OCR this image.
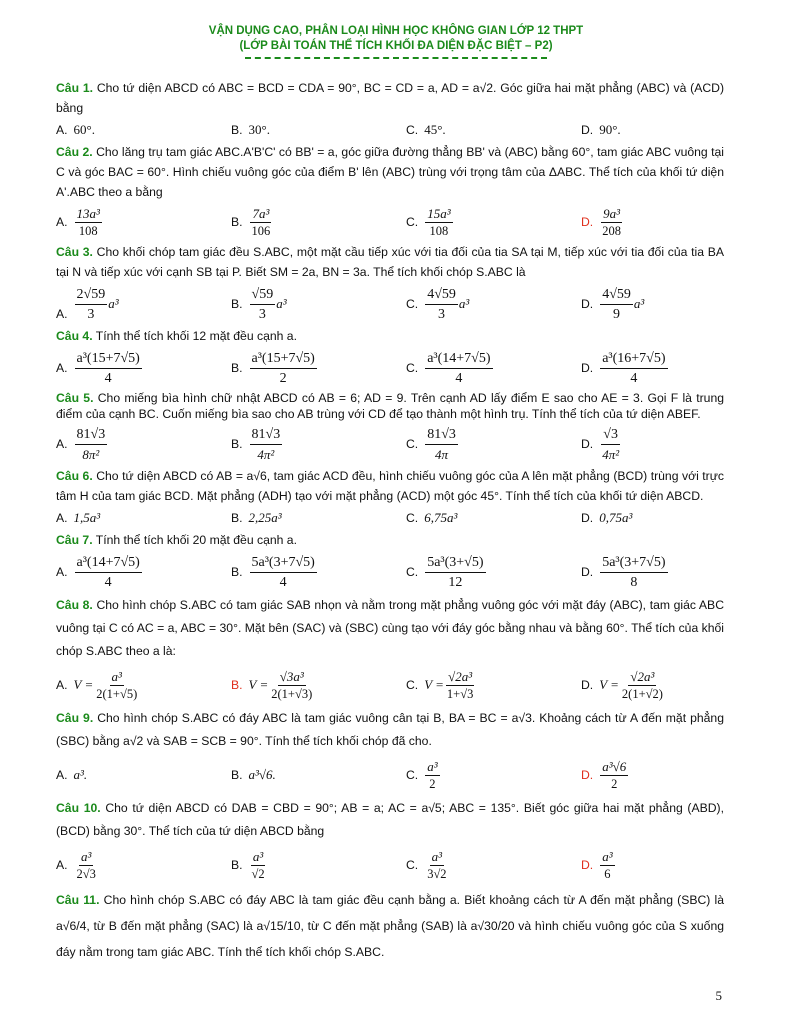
VẬN DỤNG CAO, PHÂN LOẠI HÌNH HỌC KHÔNG GIAN LỚP 12 THPT
(LỚP BÀI TOÁN THỂ TÍCH KHỐI ĐA DIỆN ĐẶC BIỆT – P2)
Câu 1. Cho tứ diện ABCD có ABC = BCD = CDA = 90°, BC = CD = a, AD = a√2. Góc giữa hai mặt phẳng (ABC) và (ACD) bằng
A. 60°.	B. 30°.	C. 45°.	D. 90°.
Câu 2. Cho lăng trụ tam giác ABC.A'B'C' có BB' = a, góc giữa đường thẳng BB' và (ABC) bằng 60°, tam giác ABC vuông tại C và góc BAC = 60°. Hình chiếu vuông góc của điểm B' lên (ABC) trùng với trọng tâm của ΔABC. Thể tích của khối tứ diện A'.ABC theo a bằng
A. $\frac{\text{13a³}}{108}$	B. $\frac{\text{7a³}}{106}$	C. $\frac{\text{15a³}}{108}$	D. $\frac{\text{9a³}}{208}$
Câu 3. Cho khối chóp tam giác đều S.ABC, một mặt cầu tiếp xúc với tia đối của tia SA tại M, tiếp xúc với tia đối của tia BA tại N và tiếp xúc với cạnh SB tại P. Biết SM = 2a, BN = 3a. Thể tích khối chóp S.ABC là
A. $\frac{2√59}{3} a^3$	B. $\frac{√59}{3} a^3$	C. $\frac{4√59}{3} a^3$	D. $\frac{4√59}{9} a^3$
Câu 4. Tính thể tích khối 12 mặt đều cạnh a.
A. $\frac{\text{a³(15+7√5)}}{4}$	B. $\frac{\text{a³(15+7√5)}}{2}$	C. $\frac{\text{a³(14+7√5)}}{4}$	D. $\frac{\text{a³(16+7√5)}}{4}$
Câu 5. Cho miếng bìa hình chữ nhật ABCD có AB = 6; AD = 9. Trên cạnh AD lấy điểm E sao cho AE = 3. Gọi F là trung điểm của cạnh BC. Cuốn miếng bìa sao cho AB trùng với CD để tạo thành một hình trụ. Tính thể tích của tứ diện ABEF.
A. $\frac{81√3}{\text{8π²}}$	B. $\frac{81√3}{\text{4π²}}$	C. $\frac{81√3}{4\pi}$	D. $\frac{√3}{\text{4π²}}$
Câu 6. Cho tứ diện ABCD có AB = a√6, tam giác ACD đều, hình chiếu vuông góc của A lên mặt phẳng (BCD) trùng với trực tâm H của tam giác BCD. Mặt phẳng (ADH) tạo với mặt phẳng (ACD) một góc 45°. Tính thể tích của khối tứ diện ABCD.
A. 1,5a³	B. 2,25a³	C. 6,75a³	D. 0,75a³
Câu 7. Tính thể tích khối 20 mặt đều cạnh a.
A. $\frac{\text{a³(14+7√5)}}{4}$	B. $\frac{\text{5a³(3+7√5)}}{4}$	C. $\frac{\text{5a³(3+√5)}}{12}$	D. $\frac{\text{5a³(3+7√5)}}{8}$
Câu 8. Cho hình chóp S.ABC có tam giác SAB nhọn và nằm trong mặt phẳng vuông góc với mặt đáy (ABC), tam giác ABC vuông tại C có AC = a, ABC = 30°. Mặt bên (SAC) và (SBC) cùng tạo với đáy góc bằng nhau và bằng 60°. Thể tích của khối chóp S.ABC theo a là:
A. $V = \frac{\text{a³}}{2(1+√5)}$	B. $V = \frac{\text{√3a³}}{2(1+√3)}$	C. $V = \frac{\text{√2a³}}{1+√3}$	D. $V = \frac{\text{√2a³}}{2(1+√2)}$
Câu 9. Cho hình chóp S.ABC có đáy ABC là tam giác vuông cân tại B, BA = BC = a√3. Khoảng cách từ A đến mặt phẳng (SBC) bằng a√2 và SAB = SCB = 90°. Tính thể tích khối chóp đã cho.
A. a³.	B. a³√6.	C. $\frac{\text{a³}}{2}$	D. $\frac{\text{a³√6}}{2}$
Câu 10. Cho tứ diện ABCD có DAB = CBD = 90°; AB = a; AC = a√5; ABC = 135°. Biết góc giữa hai mặt phẳng (ABD), (BCD) bằng 30°. Thể tích của tứ diện ABCD bằng
A. $\frac{\text{a³}}{2√3}$	B. $\frac{\text{a³}}{√2}$	C. $\frac{\text{a³}}{3√2}$	D. $\frac{\text{a³}}{6}$
Câu 11. Cho hình chóp S.ABC có đáy ABC là tam giác đều cạnh bằng a. Biết khoảng cách từ A đến mặt phẳng (SBC) là a√6/4, từ B đến mặt phẳng (SAC) là a√15/10, từ C đến mặt phẳng (SAB) là a√30/20 và hình chiếu vuông góc của S xuống đáy nằm trong tam giác ABC. Tính thể tích khối chóp S.ABC.
5
